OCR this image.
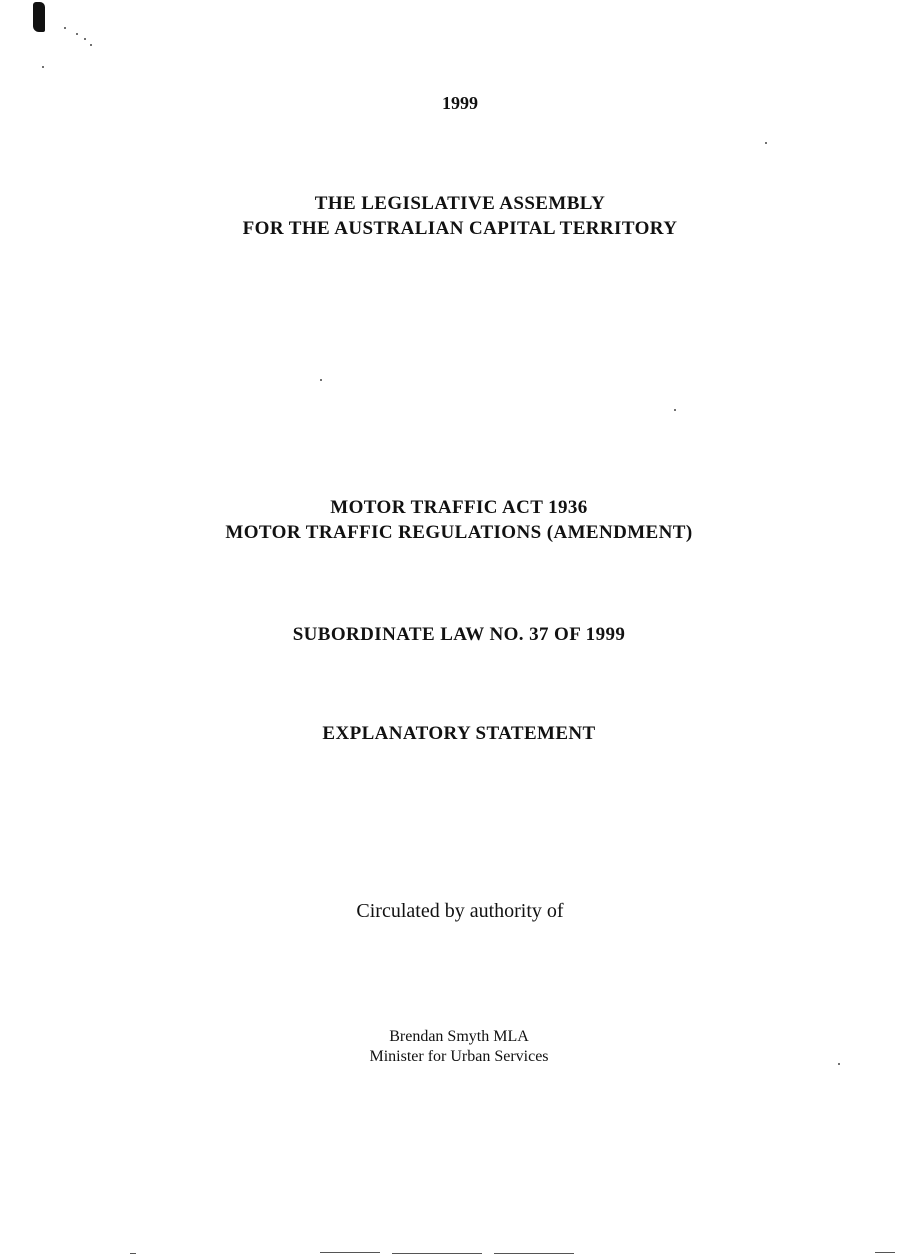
1999
THE LEGISLATIVE ASSEMBLY
FOR THE AUSTRALIAN CAPITAL TERRITORY
MOTOR TRAFFIC ACT 1936
MOTOR TRAFFIC REGULATIONS (AMENDMENT)
SUBORDINATE LAW NO. 37 OF 1999
EXPLANATORY STATEMENT
Circulated by authority of
Brendan Smyth MLA
Minister for Urban Services
